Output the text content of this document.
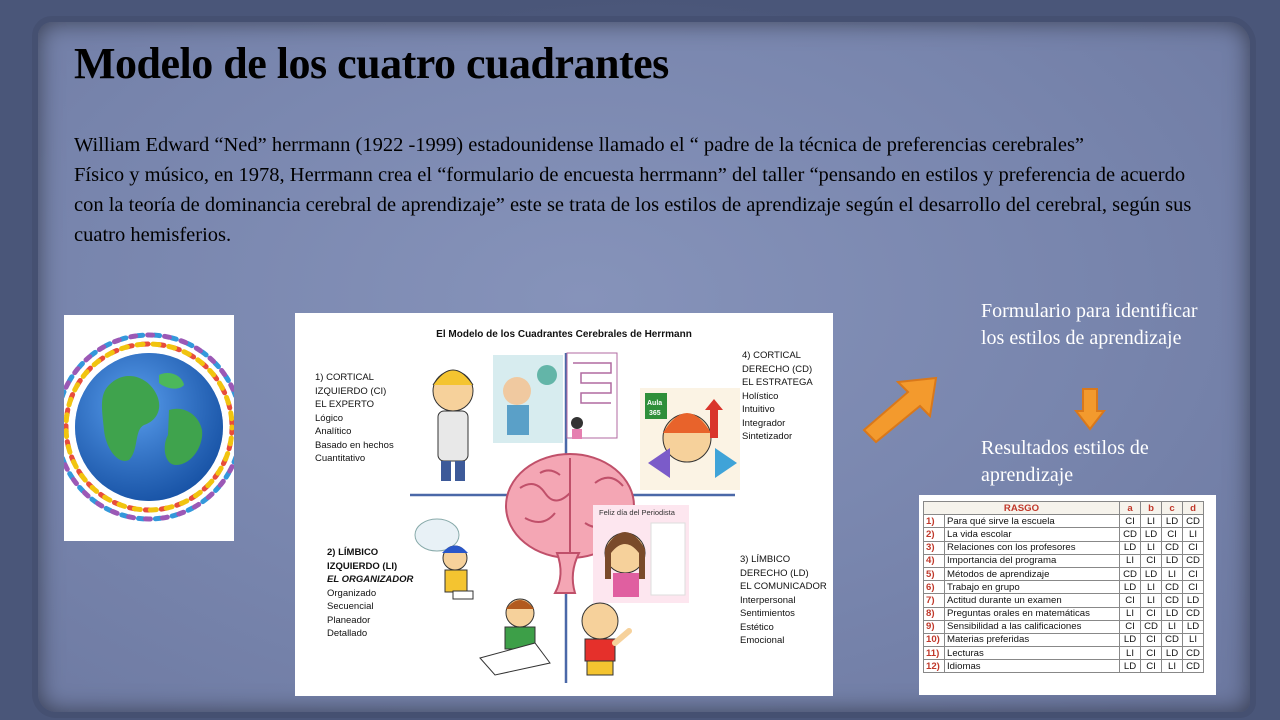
Modelo de los cuatro cuadrantes

William Edward “Ned” herrmann (1922 -1999) estadounidense llamado el “ padre de la técnica de preferencias cerebrales”

Físico y músico, en 1978, Herrmann crea el “formulario de encuesta herrmann” del taller “pensando en estilos y preferencia de acuerdo con la teoría de dominancia cerebral de aprendizaje” este se trata de los estilos de aprendizaje según el desarrollo del cerebral, según sus cuatro hemisferios.

El Modelo de los Cuadrantes Cerebrales de Herrmann
Aula
365
Feliz día del Periodista
1) CORTICAL
IZQUIERDO (CI)
EL EXPERTO
Lógico
Analítico
Basado en hechos
Cuantitativo
4) CORTICAL
DERECHO (CD)
EL ESTRATEGA
Holístico
Intuitivo
Integrador
Sintetizador
2) LÍMBICO
IZQUIERDO (LI)
EL ORGANIZADOR
Organizado
Secuencial
Planeador
Detallado
3) LÍMBICO
DERECHO (LD)
EL COMUNICADOR
Interpersonal
Sentimientos
Estético
Emocional
Formulario para identificar los estilos de aprendizaje
Resultados estilos de aprendizaje
RASGO		a	b	c	d
1)	Para qué sirve la escuela	CI	LI	LD	CD
2)	La vida escolar	CD	LD	CI	LI
3)	Relaciones con los profesores	LD	LI	CD	CI
4)	Importancia del programa	LI	CI	LD	CD
5)	Métodos de aprendizaje	CD	LD	LI	CI
6)	Trabajo en grupo	LD	LI	CD	CI
7)	Actitud durante un examen	CI	LI	CD	LD
8)	Preguntas orales en matemáticas	LI	CI	LD	CD
9)	Sensibilidad a las calificaciones	CI	CD	LI	LD
10)	Materias preferidas	LD	CI	CD	LI
11)	Lecturas	LI	CI	LD	CD
12)	Idiomas	LD	CI	LI	CD
